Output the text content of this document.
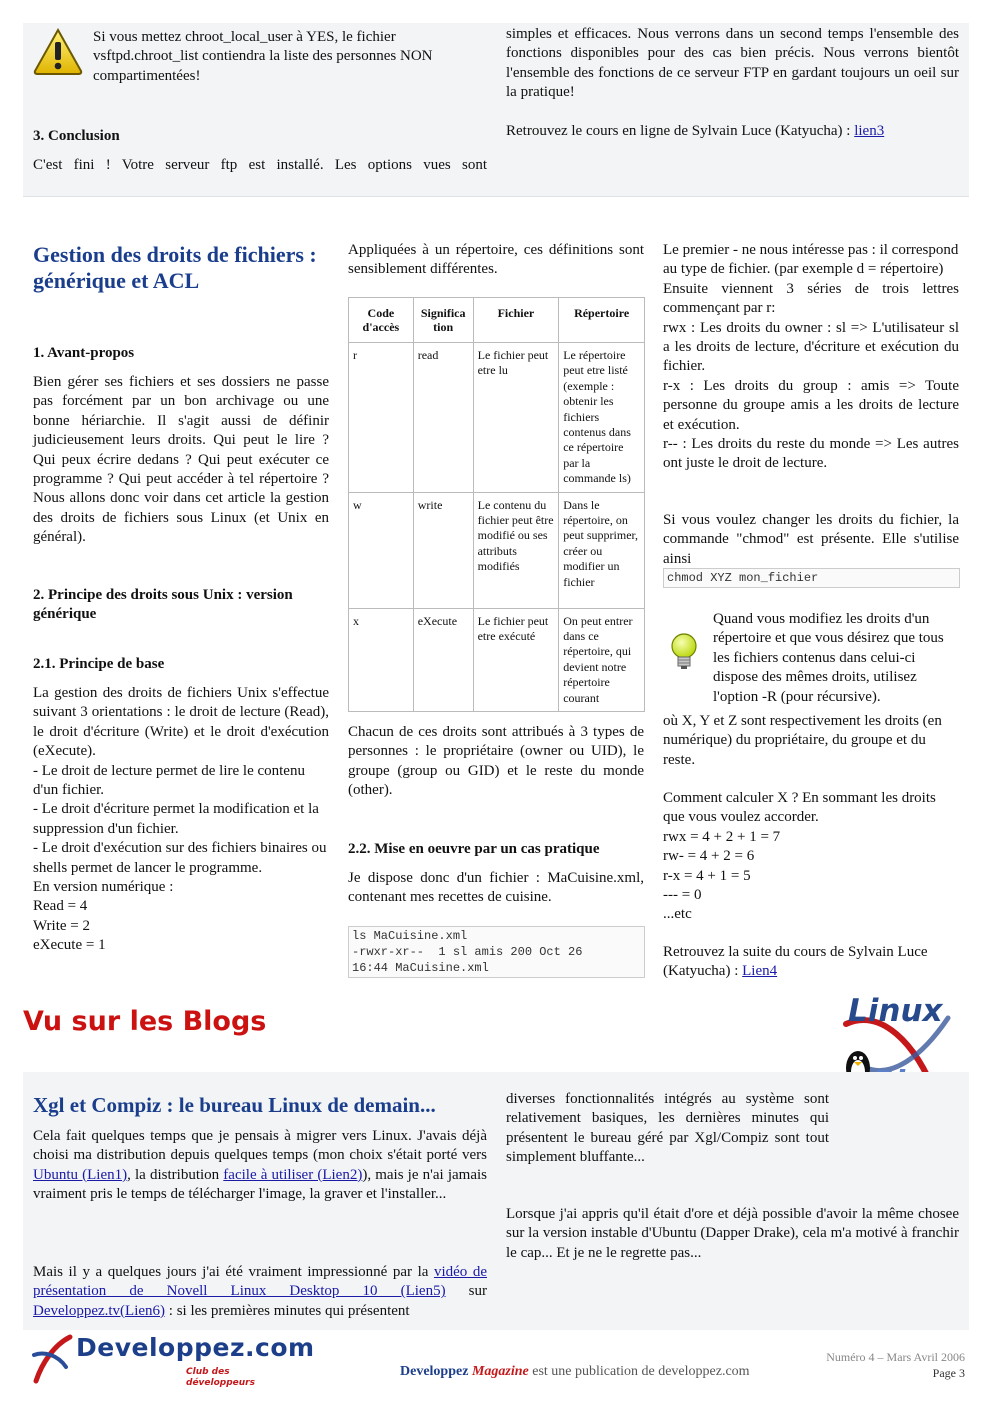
Si vous mettez chroot_local_user à YES, le fichier vsftpd.chroot_list contiendra la liste des personnes NON compartimentées!
3. Conclusion
C'est fini ! Votre serveur ftp est installé. Les options vues sont
simples et efficaces. Nous verrons dans un second temps l'ensemble des fonctions disponibles pour des cas bien précis. Nous verrons bientôt l'ensemble des fonctions de ce serveur FTP en gardant toujours un oeil sur la pratique!
Retrouvez le cours en ligne de Sylvain Luce (Katyucha) : lien3
Gestion des droits de fichiers : générique et ACL
1. Avant-propos
Bien gérer ses fichiers et ses dossiers ne passe pas forcément par un bon archivage ou une bonne hériarchie. Il s'agit aussi de définir judicieusement leurs droits. Qui peut le lire ? Qui peux écrire dedans ? Qui peut exécuter ce programme ? Qui peut accéder à tel répertoire ? Nous allons donc voir dans cet article la gestion des droits de fichiers sous Linux (et Unix en général).
2. Principe des droits sous Unix : version générique
2.1. Principe de base
La gestion des droits de fichiers Unix s'effectue suivant 3 orientations : le droit de lecture (Read), le droit d'écriture (Write) et le droit d'exécution (eXecute).
- Le droit de lecture permet de lire le contenu d'un fichier.
- Le droit d'écriture permet la modification et la suppression d'un fichier.
- Le droit d'exécution sur des fichiers binaires ou shells permet de lancer le programme.
En version numérique :
Read = 4
Write = 2
eXecute = 1
Appliquées à un répertoire, ces définitions sont sensiblement différentes.
Code d'accès	Significa tion	Fichier	Répertoire
r	read	Le fichier peut etre lu	Le répertoire peut etre listé (exemple : obtenir les fichiers contenus dans ce répertoire par la commande ls)
w	write	Le contenu du fichier peut être modifié ou ses attributs modifiés	Dans le répertoire, on peut supprimer, créer ou modifier un fichier
x	eXecute	Le fichier peut etre exécuté	On peut entrer dans ce répertoire, qui devient notre répertoire courant
Chacun de ces droits sont attribués à 3 types de personnes : le propriétaire (owner ou UID), le groupe (group ou GID) et le reste du monde (other).
2.2. Mise en oeuvre par un cas pratique
Je dispose donc d'un fichier : MaCuisine.xml, contenant mes recettes de cuisine.
ls MaCuisine.xml
-rwxr-xr--  1 sl amis 200 Oct 26
16:44 MaCuisine.xml
Le premier - ne nous intéresse pas : il correspond au type de fichier. (par exemple d = répertoire)
Ensuite viennent 3 séries de trois lettres commençant par r:
rwx : Les droits du owner : sl => L'utilisateur sl a les droits de lecture, d'écriture et exécution du fichier.
r-x : Les droits du group : amis => Toute personne du groupe amis a les droits de lecture et exécution.
r-- : Les droits du reste du monde => Les autres ont juste le droit de lecture.
Si vous voulez changer les droits du fichier, la commande "chmod" est présente. Elle s'utilise ainsi
chmod XYZ mon_fichier
Quand vous modifiez les droits d'un répertoire et que vous désirez que tous les fichiers contenus dans celui-ci dispose des mêmes droits, utilisez l'option -R (pour récursive).
où X, Y et Z sont respectivement les droits (en numérique) du propriétaire, du groupe et du reste.
Comment calculer X ? En sommant les droits que vous voulez accorder.
rwx = 4 + 2 + 1 = 7
rw- = 4 + 2 = 6
r-x = 4 + 1 = 5
--- = 0
...etc
Retrouvez la suite du cours de Sylvain Luce (Katyucha) : Lien4
Vu sur les Blogs	Linux
Xgl et Compiz : le bureau Linux de demain...
Cela fait quelques temps que je pensais à migrer vers Linux. J'avais déjà choisi ma distribution depuis quelques temps (mon choix s'était porté vers Ubuntu (Lien1), la distribution facile à utiliser (Lien2)), mais je n'ai jamais vraiment pris le temps de télécharger l'image, la graver et l'installer...
Mais il y a quelques jours j'ai été vraiment impressionné par la vidéo de présentation de Novell Linux Desktop 10 (Lien5) sur Developpez.tv(Lien6) : si les premières minutes qui présentent
diverses fonctionnalités intégrés au système sont relativement basiques, les dernières minutes qui présentent le bureau géré par Xgl/Compiz sont tout simplement bluffante...
Lorsque j'ai appris qu'il était d'ore et déjà possible d'avoir la même chosee sur la version instable d'Ubuntu (Dapper Drake), cela m'a motivé à franchir le cap... Et je ne le regrette pas...
Developpez.com
Club des développeurs
Numéro 4 – Mars Avril 2006
Developpez Magazine est une publication de developpez.com	Page 3
